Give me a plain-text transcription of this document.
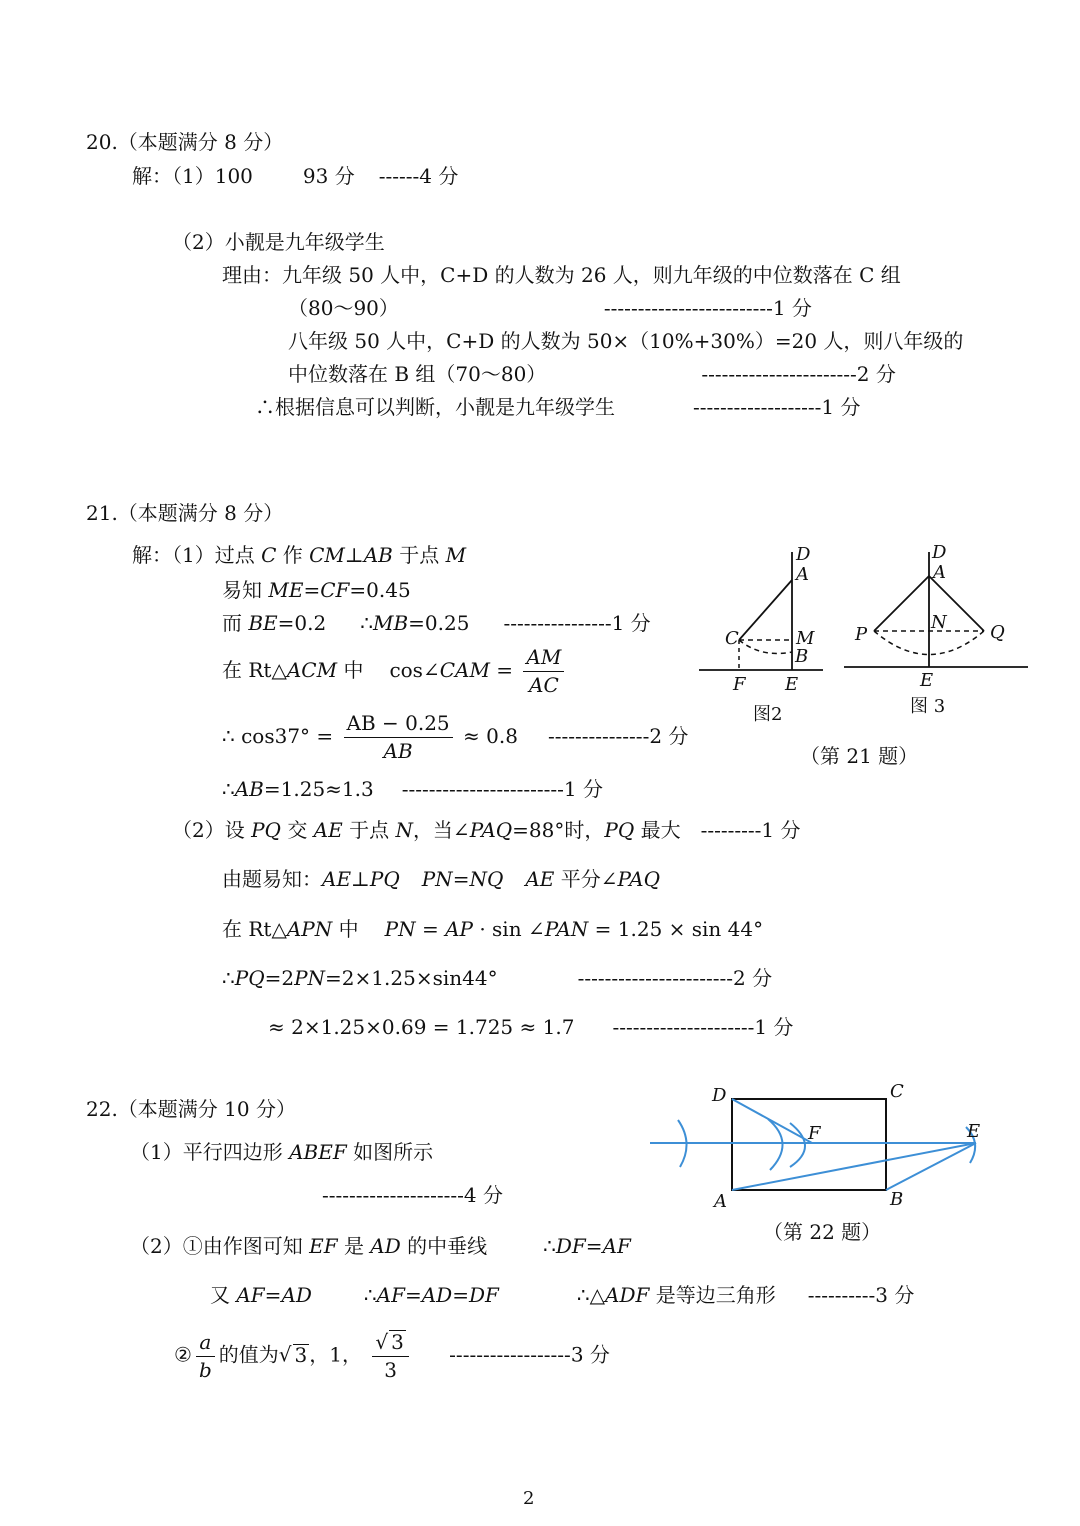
20.（本题满分 8 分）
解：（1）100	93 分 ------4 分
（2）小靓是九年级学生
理由：九年级 50 人中，C+D 的人数为 26 人，则九年级的中位数落在 C 组
（80～90）	-------------------------1 分
八年级 50 人中，C+D 的人数为 50×（10%+30%）=20 人，则八年级的
中位数落在 B 组（70～80）	-----------------------2 分
∴根据信息可以判断，小靓是九年级学生	-------------------1 分
21.（本题满分 8 分）
解：（1）过点 C 作 CM⊥AB 于点 M
易知 ME=CF=0.45
而 BE=0.2 ∴MB=0.25 ----------------1 分
在 Rt△ACM 中 cos∠CAM = $\frac{AM}{AC}$
∴ $\cos 37^\circ = \frac{AB - 0.25}{AB} \approx 0.8$ ---------------2 分
∴AB=1.25≈1.3 ------------------------1 分
（2）设 PQ 交 AE 于点 N，当∠PAQ=88°时，PQ 最大 ---------1 分
由题易知：AE⊥PQ PN=NQ AE 平分∠PAQ
在 Rt△APN 中 PN = AP · sin ∠PAN = 1.25 × sin 44°
∴PQ=2PN=2×1.25×sin44°	-----------------------2 分
≈ 2×1.25×0.69 = 1.725 ≈ 1.7 ---------------------1 分
D
A
C	M
B
F E
图2
D
A
N
P	Q
E
图 3
（第 21 题）
22.（本题满分 10 分）
（1）平行四边形 ABEF 如图所示
---------------------4 分
（2）①由作图可知 EF 是 AD 的中垂线	∴DF=AF
又 AF=AD	∴AF=AD=DF	∴△ADF 是等边三角形 ----------3 分
② $\frac{a}{b}$ 的值为√ 3 ，1， $\frac{√ 3}{3} ------------------3$ 分
D	C
F	E
A	B
（第 22 题）
2
